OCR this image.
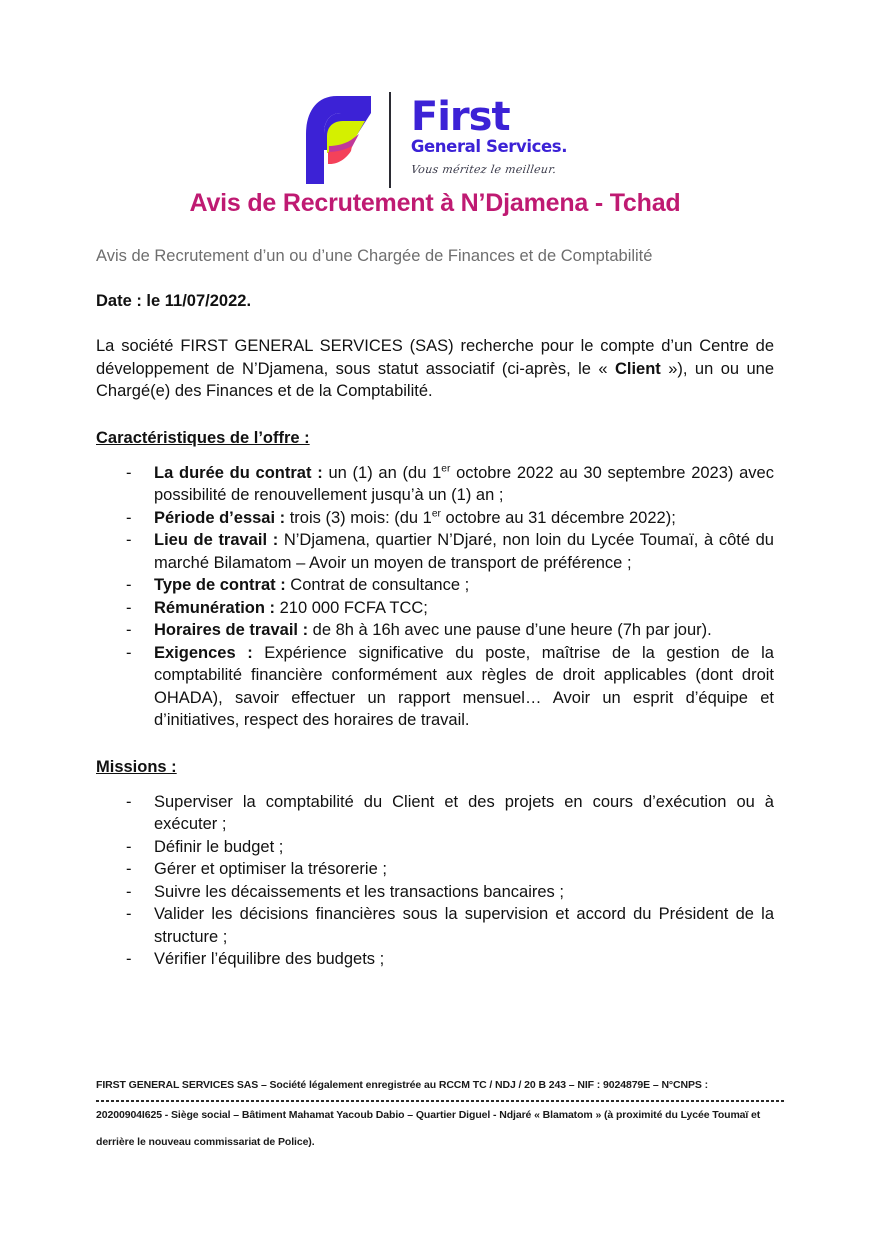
First
General Services.
Vous méritez le meilleur.
Avis de Recrutement à N’Djamena - Tchad

Avis de Recrutement d’un ou d’une Chargée de Finances et de Comptabilité

Date : le 11/07/2022.

La société FIRST GENERAL SERVICES (SAS) recherche pour le compte d’un Centre de développement de N’Djamena, sous statut associatif (ci-après, le « Client »), un ou une Chargé(e) des Finances et de la Comptabilité.

Caractéristiques de l’offre :

- La durée du contrat : un (1) an (du 1er octobre 2022 au 30 septembre 2023) avec possibilité de renouvellement jusqu’à un (1) an ;
- Période d’essai : trois (3) mois: (du 1er octobre au 31 décembre 2022);
- Lieu de travail : N’Djamena, quartier N’Djaré, non loin du Lycée Toumaï, à côté du marché Bilamatom – Avoir un moyen de transport de préférence ;
- Type de contrat : Contrat de consultance ;
- Rémunération : 210 000 FCFA TCC;
- Horaires de travail : de 8h à 16h avec une pause d’une heure (7h par jour).
- Exigences : Expérience significative du poste, maîtrise de la gestion de la comptabilité financière conformément aux règles de droit applicables (dont droit OHADA), savoir effectuer un rapport mensuel… Avoir un esprit d’équipe et d’initiatives, respect des horaires de travail.

Missions :

- Superviser la comptabilité du Client et des projets en cours d’exécution ou à exécuter ;
- Définir le budget ;
- Gérer et optimiser la trésorerie ;
- Suivre les décaissements et les transactions bancaires ;
- Valider les décisions financières sous la supervision et accord du Président de la structure ;
- Vérifier l’équilibre des budgets ;
FIRST GENERAL SERVICES SAS – Société légalement enregistrée au RCCM TC / NDJ / 20 B 243 – NIF : 9024879E – N°CNPS :
20200904I625 - Siège social – Bâtiment Mahamat Yacoub Dabio – Quartier Diguel - Ndjaré « Blamatom » (à proximité du Lycée Toumaï et
derrière le nouveau commissariat de Police).
